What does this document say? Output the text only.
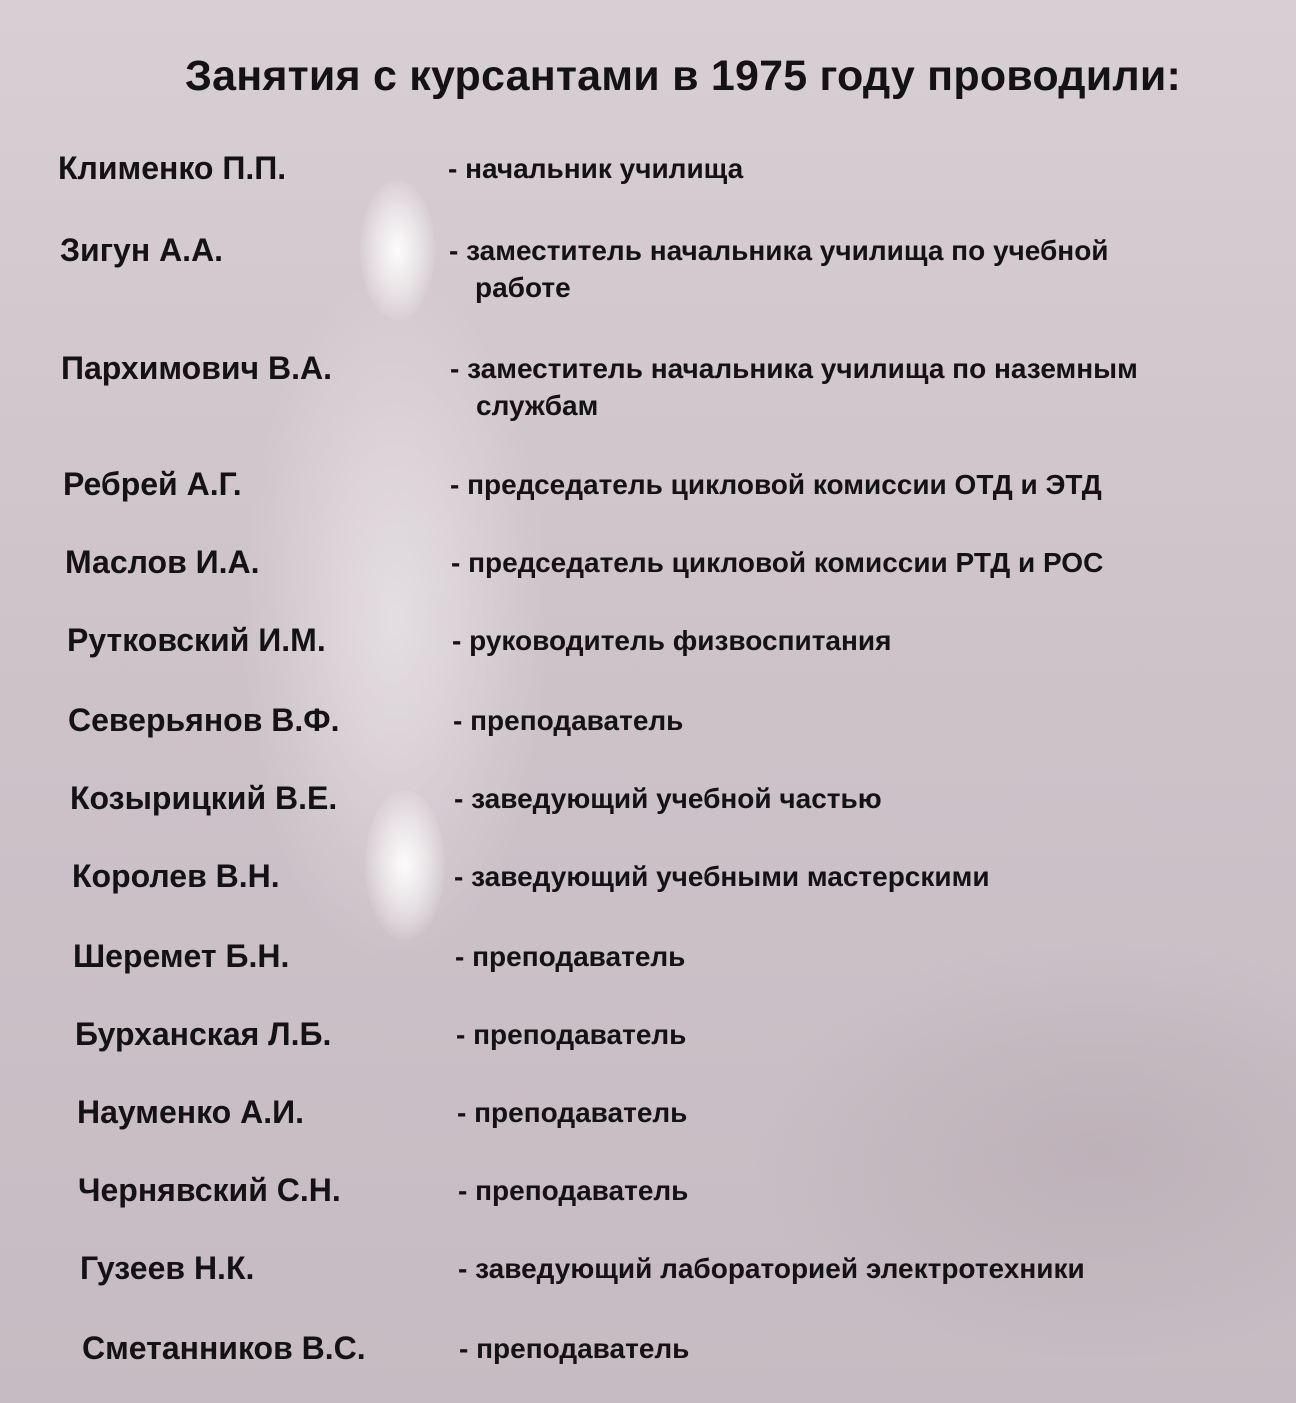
Занятия с курсантами в 1975 году проводили:
Клименко П.П.	- начальник училища
Зигун А.А.	- заместитель начальника училища по учебной
работе
Пархимович В.А.	- заместитель начальника училища по наземным
службам
Ребрей А.Г.	- председатель цикловой комиссии ОТД и ЭТД
Маслов И.А.	- председатель цикловой комиссии РТД и РОС
Рутковский И.М.	- руководитель физвоспитания
Северьянов В.Ф.	- преподаватель
Козырицкий В.Е.	- заведующий учебной частью
Королев В.Н.	- заведующий учебными мастерскими
Шеремет Б.Н.	- преподаватель
Бурханская Л.Б.	- преподаватель
Науменко А.И.	- преподаватель
Чернявский С.Н.	- преподаватель
Гузеев Н.К.	- заведующий лабораторией электротехники
Сметанников В.С.	- преподаватель
